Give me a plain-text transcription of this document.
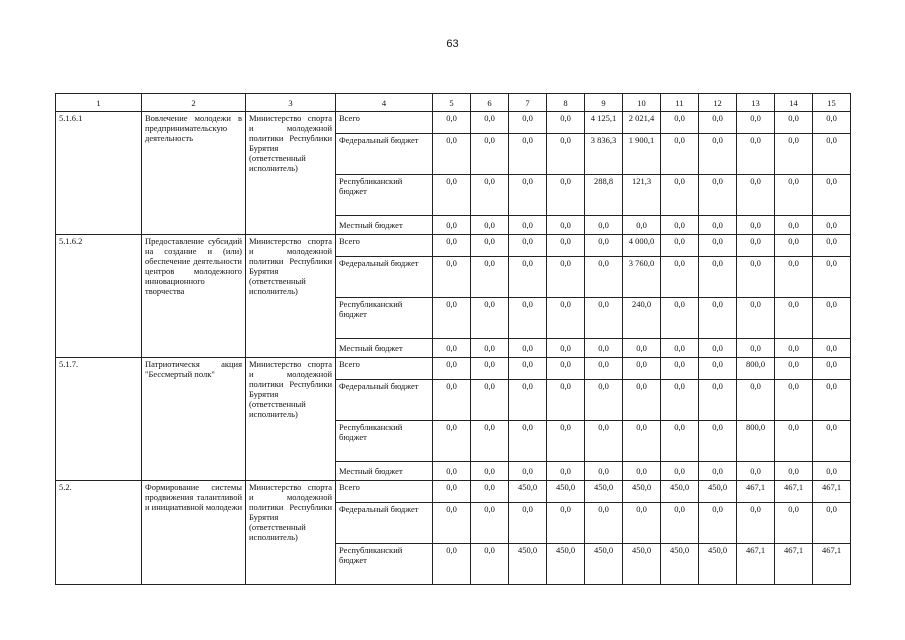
63
1	2	3	4	5	6	7	8	9	10	11	12	13	14	15
5.1.6.1	Вовлечение молодежи в предпринимательскую деятельность	Министерство спорта и молодежной политики Республики Бурятия (ответственный исполнитель)	Всего	0,0	0,0	0,0	0,0	4 125,1	2 021,4	0,0	0,0	0,0	0,0	0,0
			Федеральный бюджет	0,0	0,0	0,0	0,0	3 836,3	1 900,1	0,0	0,0	0,0	0,0	0,0
			Республиканский бюджет	0,0	0,0	0,0	0,0	288,8	121,3	0,0	0,0	0,0	0,0	0,0
			Местный бюджет	0,0	0,0	0,0	0,0	0,0	0,0	0,0	0,0	0,0	0,0	0,0
5.1.6.2	Предоставление субсидий на создание и (или) обеспечение деятельности центров молодежного инновационного творчества	Министерство спорта и молодежной политики Республики Бурятия (ответственный исполнитель)	Всего	0,0	0,0	0,0	0,0	0,0	4 000,0	0,0	0,0	0,0	0,0	0,0
			Федеральный бюджет	0,0	0,0	0,0	0,0	0,0	3 760,0	0,0	0,0	0,0	0,0	0,0
			Республиканский бюджет	0,0	0,0	0,0	0,0	0,0	240,0	0,0	0,0	0,0	0,0	0,0
			Местный бюджет	0,0	0,0	0,0	0,0	0,0	0,0	0,0	0,0	0,0	0,0	0,0
5.1.7.	Патриотическя акция "Бессмертый полк"	Министерство спорта и молодежной политики Республики Бурятия (ответственный исполнитель)	Всего	0,0	0,0	0,0	0,0	0,0	0,0	0,0	0,0	800,0	0,0	0,0
			Федеральный бюджет	0,0	0,0	0,0	0,0	0,0	0,0	0,0	0,0	0,0	0,0	0,0
			Республиканский бюджет	0,0	0,0	0,0	0,0	0,0	0,0	0,0	0,0	800,0	0,0	0,0
			Местный бюджет	0,0	0,0	0,0	0,0	0,0	0,0	0,0	0,0	0,0	0,0	0,0
5.2.	Формирование системы продвижения талантливой и инициативной молодежи	Министерство спорта и молодежной политики Республики Бурятия (ответственный исполнитель)	Всего	0,0	0,0	450,0	450,0	450,0	450,0	450,0	450,0	467,1	467,1	467,1
			Федеральный бюджет	0,0	0,0	0,0	0,0	0,0	0,0	0,0	0,0	0,0	0,0	0,0
			Республиканский бюджет	0,0	0,0	450,0	450,0	450,0	450,0	450,0	450,0	467,1	467,1	467,1
